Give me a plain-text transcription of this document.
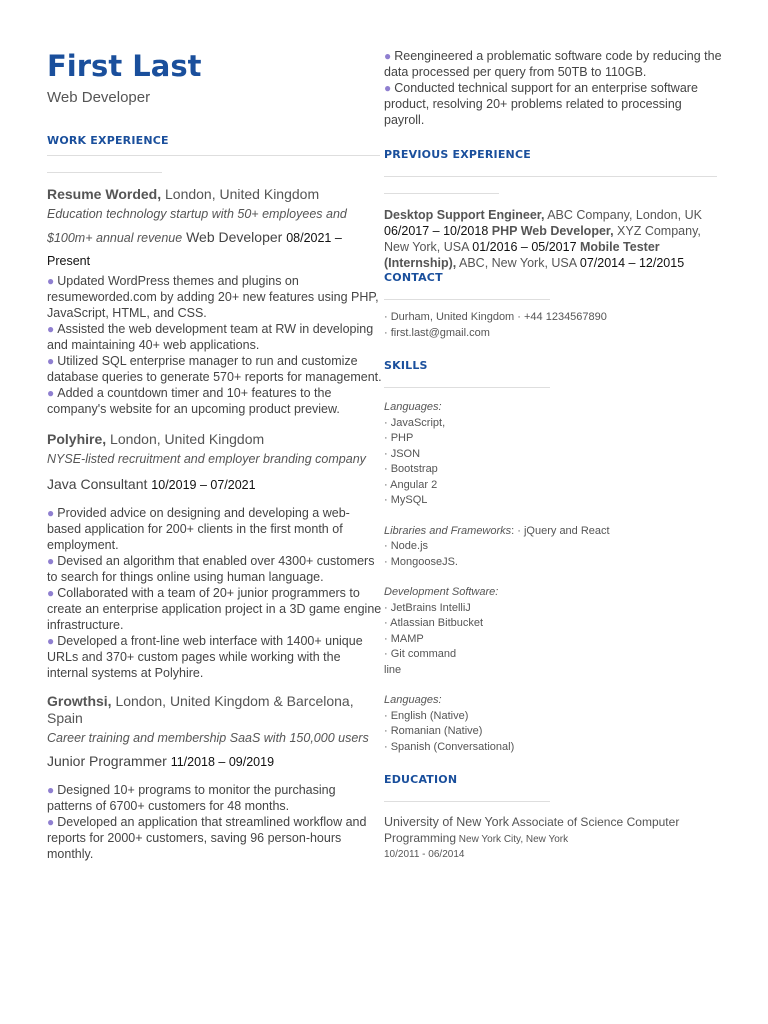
First Last
Web Developer
WORK EXPERIENCE
Resume Worded, London, United Kingdom
Education technology startup with 50+ employees and $100m+ annual revenue Web Developer 08/2021 –
Present
● Updated WordPress themes and plugins on resumeworded.com by adding 20+ new features using PHP, JavaScript, HTML, and CSS.
● Assisted the web development team at RW in developing and maintaining 40+ web applications.
● Utilized SQL enterprise manager to run and customize database queries to generate 570+ reports for management.
● Added a countdown timer and 10+ features to the company's website for an upcoming product preview.
Polyhire, London, United Kingdom
NYSE-listed recruitment and employer branding company
Java Consultant 10/2019 – 07/2021
● Provided advice on designing and developing a web-based application for 200+ clients in the first month of employment.
● Devised an algorithm that enabled over 4300+ customers to search for things online using human language.
● Collaborated with a team of 20+ junior programmers to create an enterprise application project in a 3D game engine infrastructure.
● Developed a front-line web interface with 1400+ unique URLs and 370+ custom pages while working with the internal systems at Polyhire.
Growthsi, London, United Kingdom & Barcelona, Spain
Career training and membership SaaS with 150,000 users
Junior Programmer 11/2018 – 09/2019
● Designed 10+ programs to monitor the purchasing patterns of 6700+ customers for 48 months.
● Developed an application that streamlined workflow and reports for 2000+ customers, saving 96 person-hours monthly.
● Reengineered a problematic software code by reducing the data processed per query from 50TB to 110GB.
● Conducted technical support for an enterprise software product, resolving 20+ problems related to processing payroll.
PREVIOUS EXPERIENCE
Desktop Support Engineer, ABC Company, London, UK 06/2017 – 10/2018 PHP Web Developer, XYZ Company, New York, USA 01/2016 – 05/2017 Mobile Tester (Internship), ABC, New York, USA 07/2014 – 12/2015
CONTACT
· Durham, United Kingdom · +44 1234567890
· first.last@gmail.com
SKILLS
Languages:
· JavaScript,
· PHP
· JSON
· Bootstrap
· Angular 2
· MySQL
Libraries and Frameworks: · jQuery and React
· Node.js
· MongooseJS.
Development Software:
· JetBrains IntelliJ
· Atlassian Bitbucket
· MAMP
· Git command
line
Languages:
· English (Native)
· Romanian (Native)
· Spanish (Conversational)
EDUCATION
University of New York Associate of Science Computer Programming New York City, New York
10/2011 - 06/2014
